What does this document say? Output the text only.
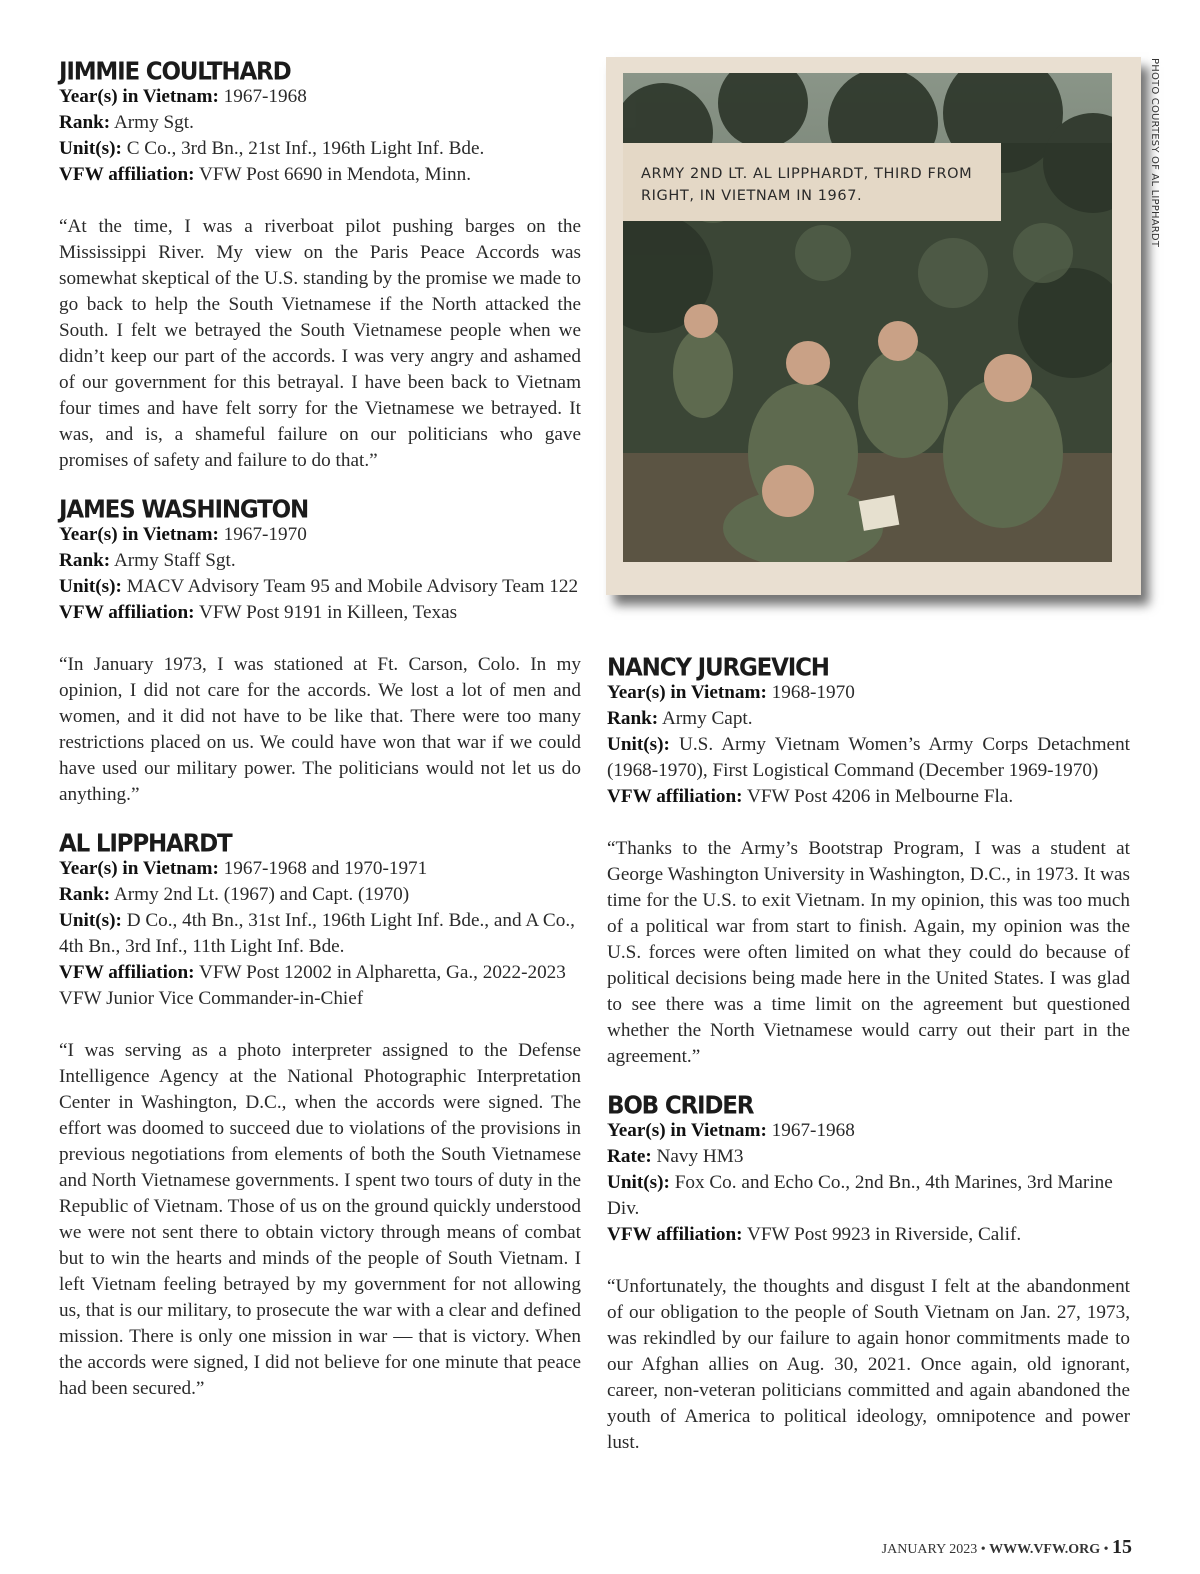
JIMMIE COULTHARD

Year(s) in Vietnam: 1967-1968

Rank: Army Sgt.

Unit(s): C Co., 3rd Bn., 21st Inf., 196th Light Inf. Bde.

VFW affiliation: VFW Post 6690 in Mendota, Minn.

“At the time, I was a riverboat pilot pushing barges on the Mississippi River. My view on the Paris Peace Accords was somewhat skeptical of the U.S. standing by the promise we made to go back to help the South Vietnamese if the North attacked the South. I felt we betrayed the South Vietnamese people when we didn’t keep our part of the accords. I was very angry and ashamed of our government for this betrayal. I have been back to Vietnam four times and have felt sorry for the Vietnamese we betrayed. It was, and is, a shameful failure on our politicians who gave promises of safety and failure to do that.”

JAMES WASHINGTON

Year(s) in Vietnam: 1967-1970

Rank: Army Staff Sgt.

Unit(s): MACV Advisory Team 95 and Mobile Advisory Team 122

VFW affiliation: VFW Post 9191 in Killeen, Texas

“In January 1973, I was stationed at Ft. Carson, Colo. In my opinion, I did not care for the accords. We lost a lot of men and women, and it did not have to be like that. There were too many restrictions placed on us. We could have won that war if we could have used our military power. The politicians would not let us do anything.”

AL LIPPHARDT

Year(s) in Vietnam: 1967-1968 and 1970-1971

Rank: Army 2nd Lt. (1967) and Capt. (1970)

Unit(s): D Co., 4th Bn., 31st Inf., 196th Light Inf. Bde., and A Co., 4th Bn., 3rd Inf., 11th Light Inf. Bde.

VFW affiliation: VFW Post 12002 in Alpharetta, Ga., 2022-2023 VFW Junior Vice Commander-in-Chief

“I was serving as a photo interpreter assigned to the Defense Intelligence Agency at the National Photographic Interpretation Center in Washington, D.C., when the accords were signed. The effort was doomed to succeed due to violations of the provisions in previous negotiations from elements of both the South Vietnamese and North Vietnamese governments. I spent two tours of duty in the Republic of Vietnam. Those of us on the ground quickly understood we were not sent there to obtain victory through means of combat but to win the hearts and minds of the people of South Vietnam. I left Vietnam feeling betrayed by my government for not allowing us, that is our military, to prosecute the war with a clear and defined mission. There is only one mission in war — that is victory. When the accords were signed, I did not believe for one minute that peace had been secured.”

ARMY 2ND LT. AL LIPPHARDT, THIRD FROM RIGHT, IN VIETNAM IN 1967.	PHOTO COURTESY OF AL LIPPHARDT
NANCY JURGEVICH

Year(s) in Vietnam: 1968-1970

Rank: Army Capt.

Unit(s): U.S. Army Vietnam Women’s Army Corps Detachment (1968-1970), First Logistical Command (December 1969-1970)

VFW affiliation: VFW Post 4206 in Melbourne Fla.

“Thanks to the Army’s Bootstrap Program, I was a student at George Washington University in Washington, D.C., in 1973. It was time for the U.S. to exit Vietnam. In my opinion, this was too much of a political war from start to finish. Again, my opinion was the U.S. forces were often limited on what they could do because of political decisions being made here in the United States. I was glad to see there was a time limit on the agreement but questioned whether the North Vietnamese would carry out their part in the agreement.”

BOB CRIDER

Year(s) in Vietnam: 1967-1968

Rate: Navy HM3

Unit(s): Fox Co. and Echo Co., 2nd Bn., 4th Marines, 3rd Marine Div.

VFW affiliation: VFW Post 9923 in Riverside, Calif.

“Unfortunately, the thoughts and disgust I felt at the abandonment of our obligation to the people of South Vietnam on Jan. 27, 1973, was rekindled by our failure to again honor commitments made to our Afghan allies on Aug. 30, 2021. Once again, old ignorant, career, non-veteran politicians committed and again abandoned the youth of America to political ideology, omnipotence and power lust.

JANUARY 2023 • WWW.VFW.ORG • 15
